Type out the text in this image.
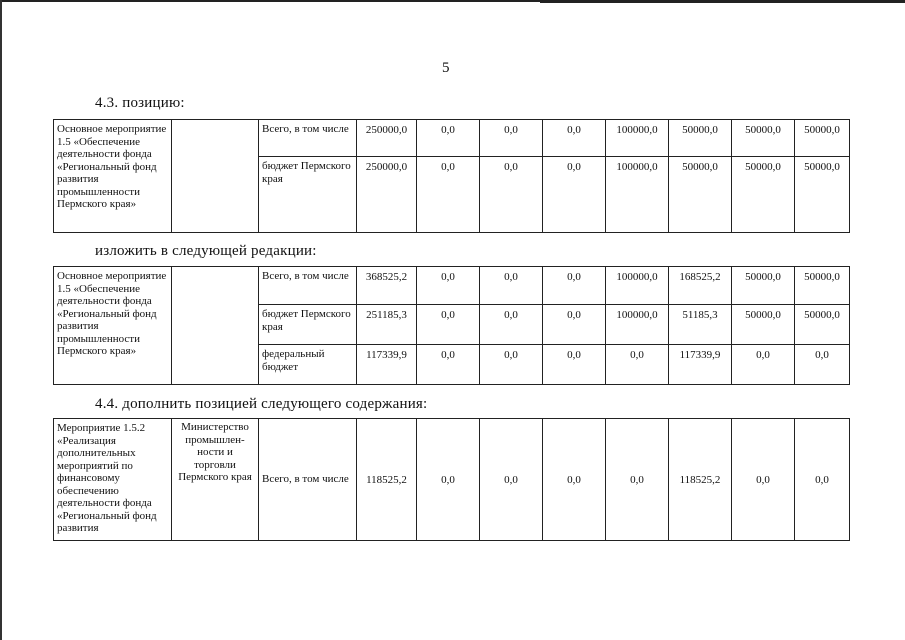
5
4.3. позицию:
Основное мероприятие 1.5 «Обеспечение деятельности фонда «Региональный фонд развития промышленности Пермского края»		Всего, в том числе	250000,0	0,0	0,0	0,0	100000,0	50000,0	50000,0	50000,0
		бюджет Пермского края	250000,0	0,0	0,0	0,0	100000,0	50000,0	50000,0	50000,0
изложить в следующей редакции:
Основное мероприятие 1.5 «Обеспечение деятельности фонда «Региональный фонд развития промышленности Пермского края»		Всего, в том числе	368525,2	0,0	0,0	0,0	100000,0	168525,2	50000,0	50000,0
		бюджет Пермского края	251185,3	0,0	0,0	0,0	100000,0	51185,3	50000,0	50000,0
		федеральный бюджет	117339,9	0,0	0,0	0,0	0,0	117339,9	0,0	0,0
4.4. дополнить позицией следующего содержания:
Мероприятие 1.5.2 «Реализация дополнительных мероприятий по финансовому обеспечению деятельности фонда «Региональный фонд развития	Министерство промышлен-ности и торговли Пермского края	Всего, в том числе	118525,2	0,0	0,0	0,0	0,0	118525,2	0,0	0,0
